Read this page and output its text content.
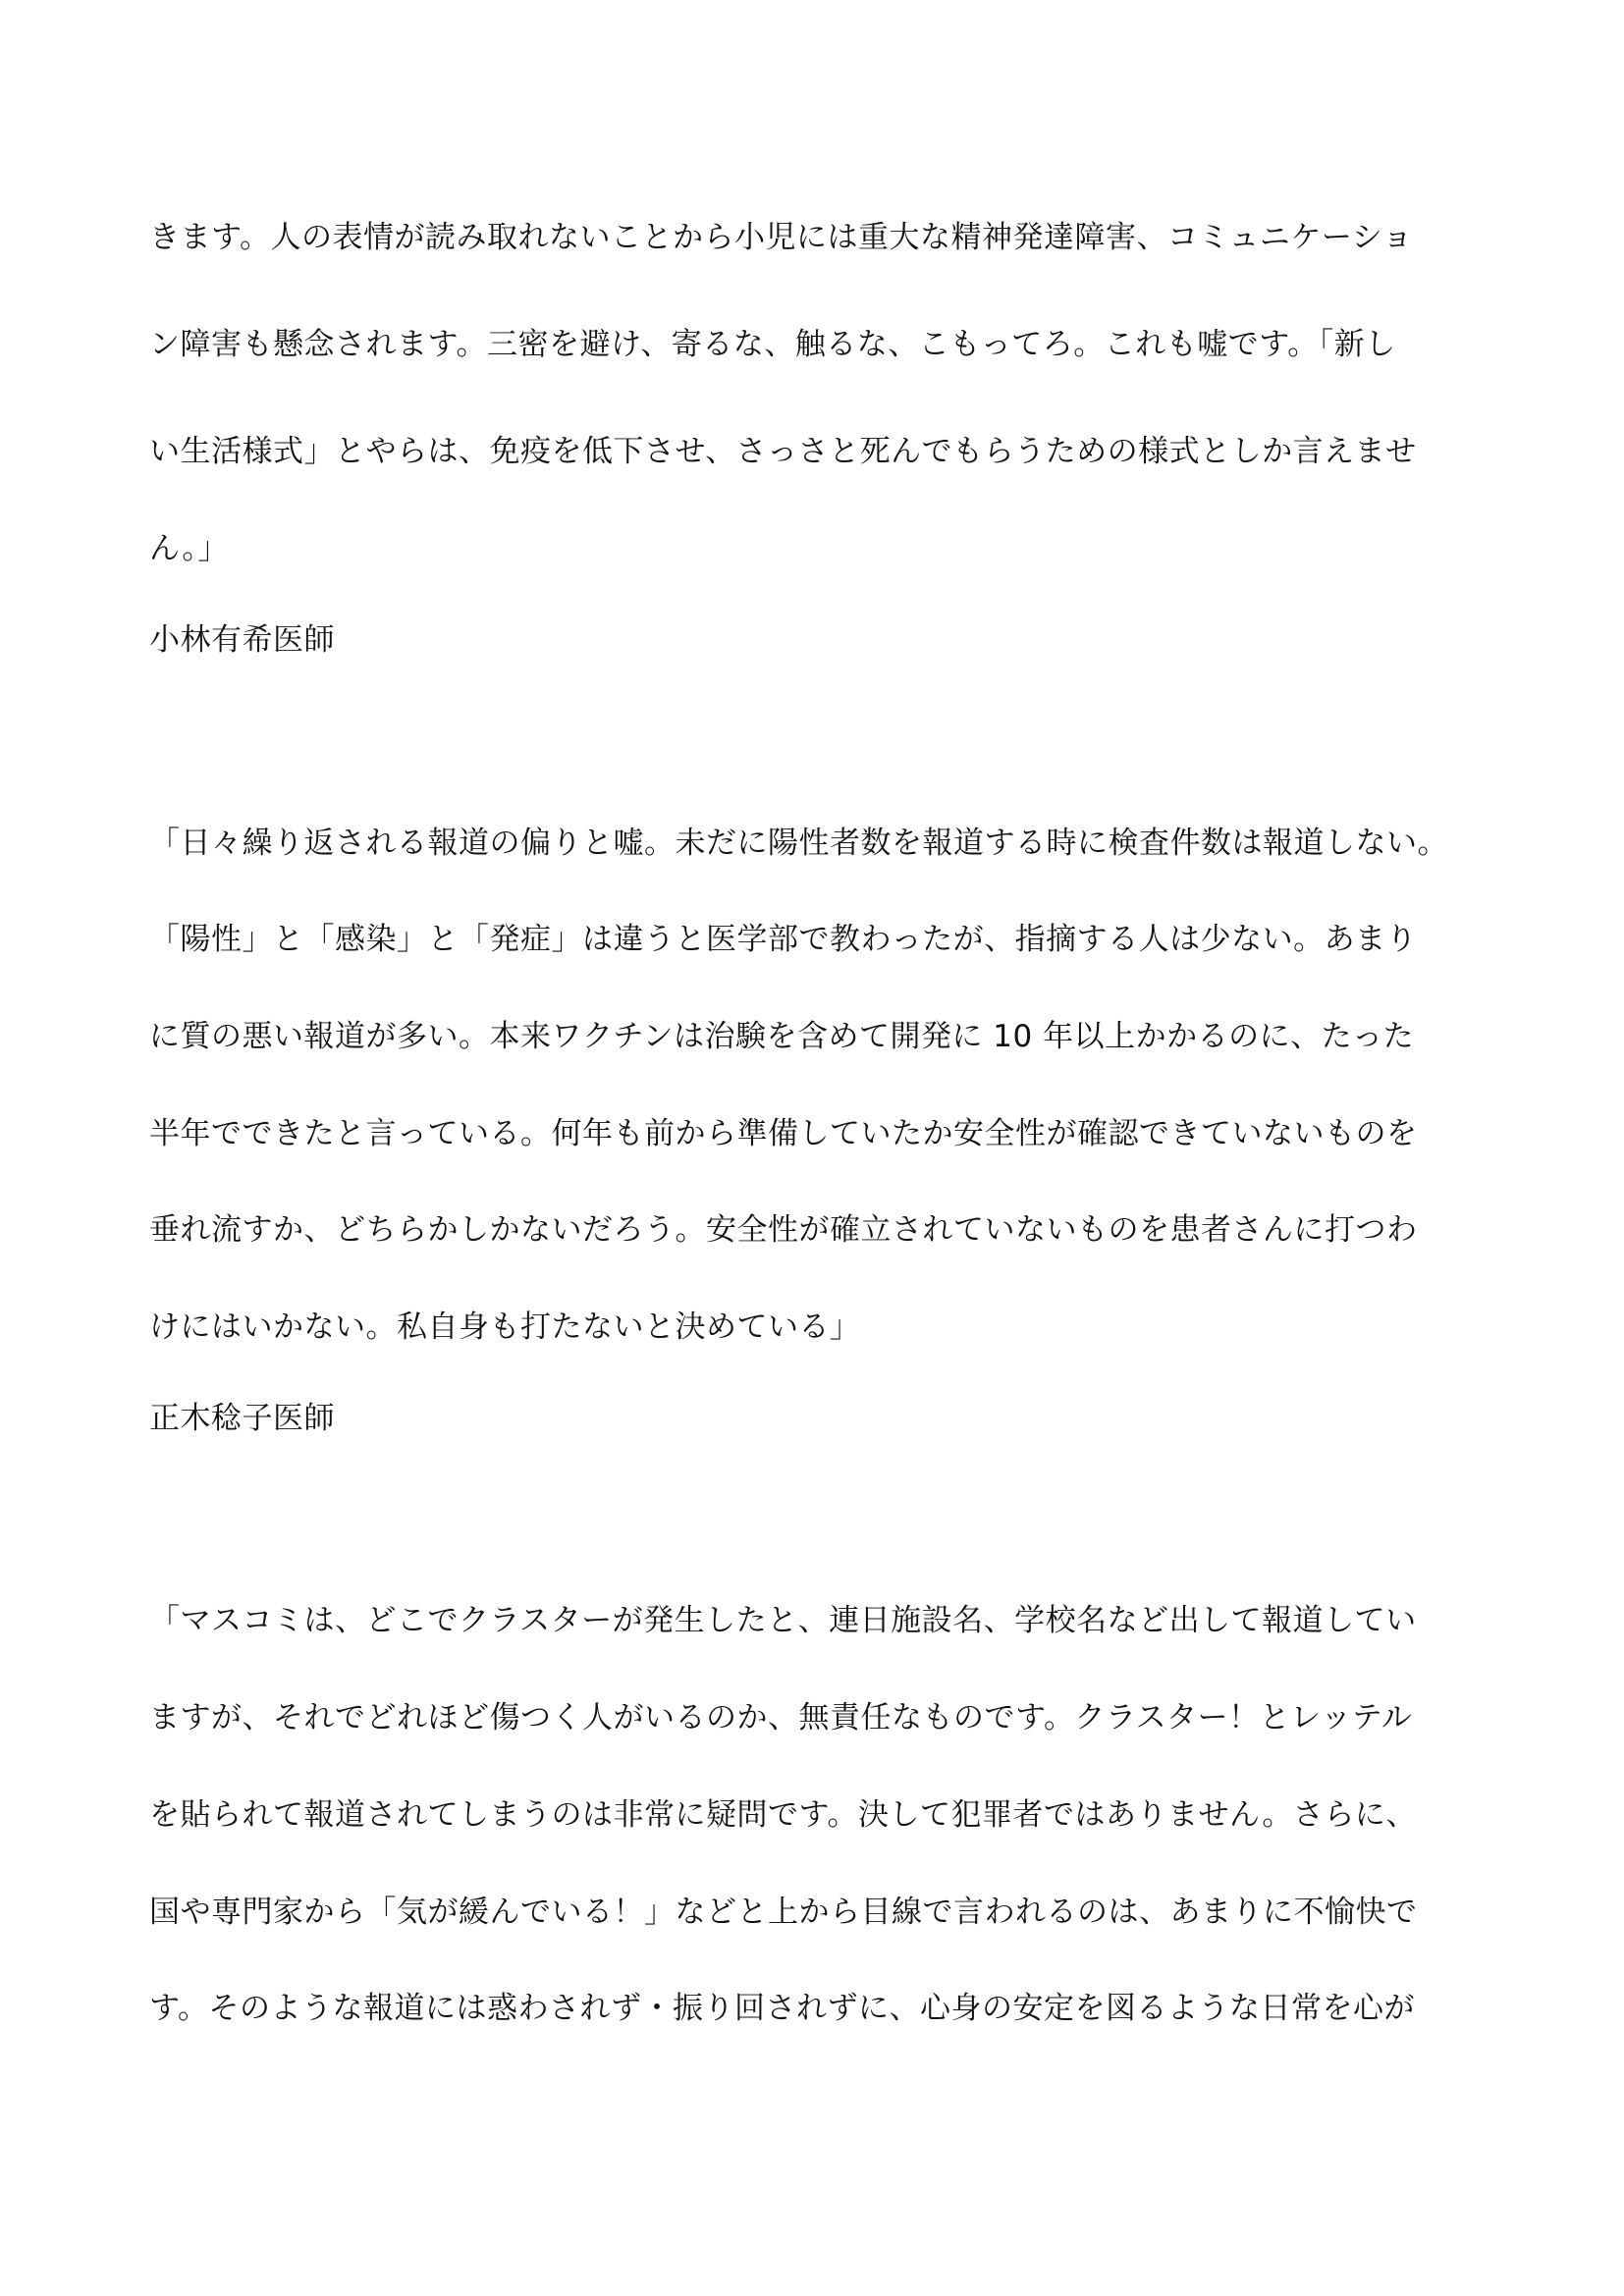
きます。人の表情が読み取れないことから小児には重大な精神発達障害、コミュニケーショ
ン障害も懸念されます。三密を避け、寄るな、触るな、こもってろ。これも嘘です。「新し
い生活様式」とやらは、免疫を低下させ、さっさと死んでもらうための様式としか言えませ
ん。」
小林有希医師
「日々繰り返される報道の偏りと嘘。未だに陽性者数を報道する時に検査件数は報道しない。
「陽性」と「感染」と「発症」は違うと医学部で教わったが、指摘する人は少ない。あまり
に質の悪い報道が多い。本来ワクチンは治験を含めて開発に 10 年以上かかるのに、たった
半年でできたと言っている。何年も前から準備していたか安全性が確認できていないものを
垂れ流すか、どちらかしかないだろう。安全性が確立されていないものを患者さんに打つわ
けにはいかない。私自身も打たないと決めている」
正木稔子医師
「マスコミは、どこでクラスターが発生したと、連日施設名、学校名など出して報道してい
ますが、それでどれほど傷つく人がいるのか、無責任なものです。クラスター！とレッテル
を貼られて報道されてしまうのは非常に疑問です。決して犯罪者ではありません。さらに、
国や専門家から「気が緩んでいる！」などと上から目線で言われるのは、あまりに不愉快で
す。そのような報道には惑わされず・振り回されずに、心身の安定を図るような日常を心が
